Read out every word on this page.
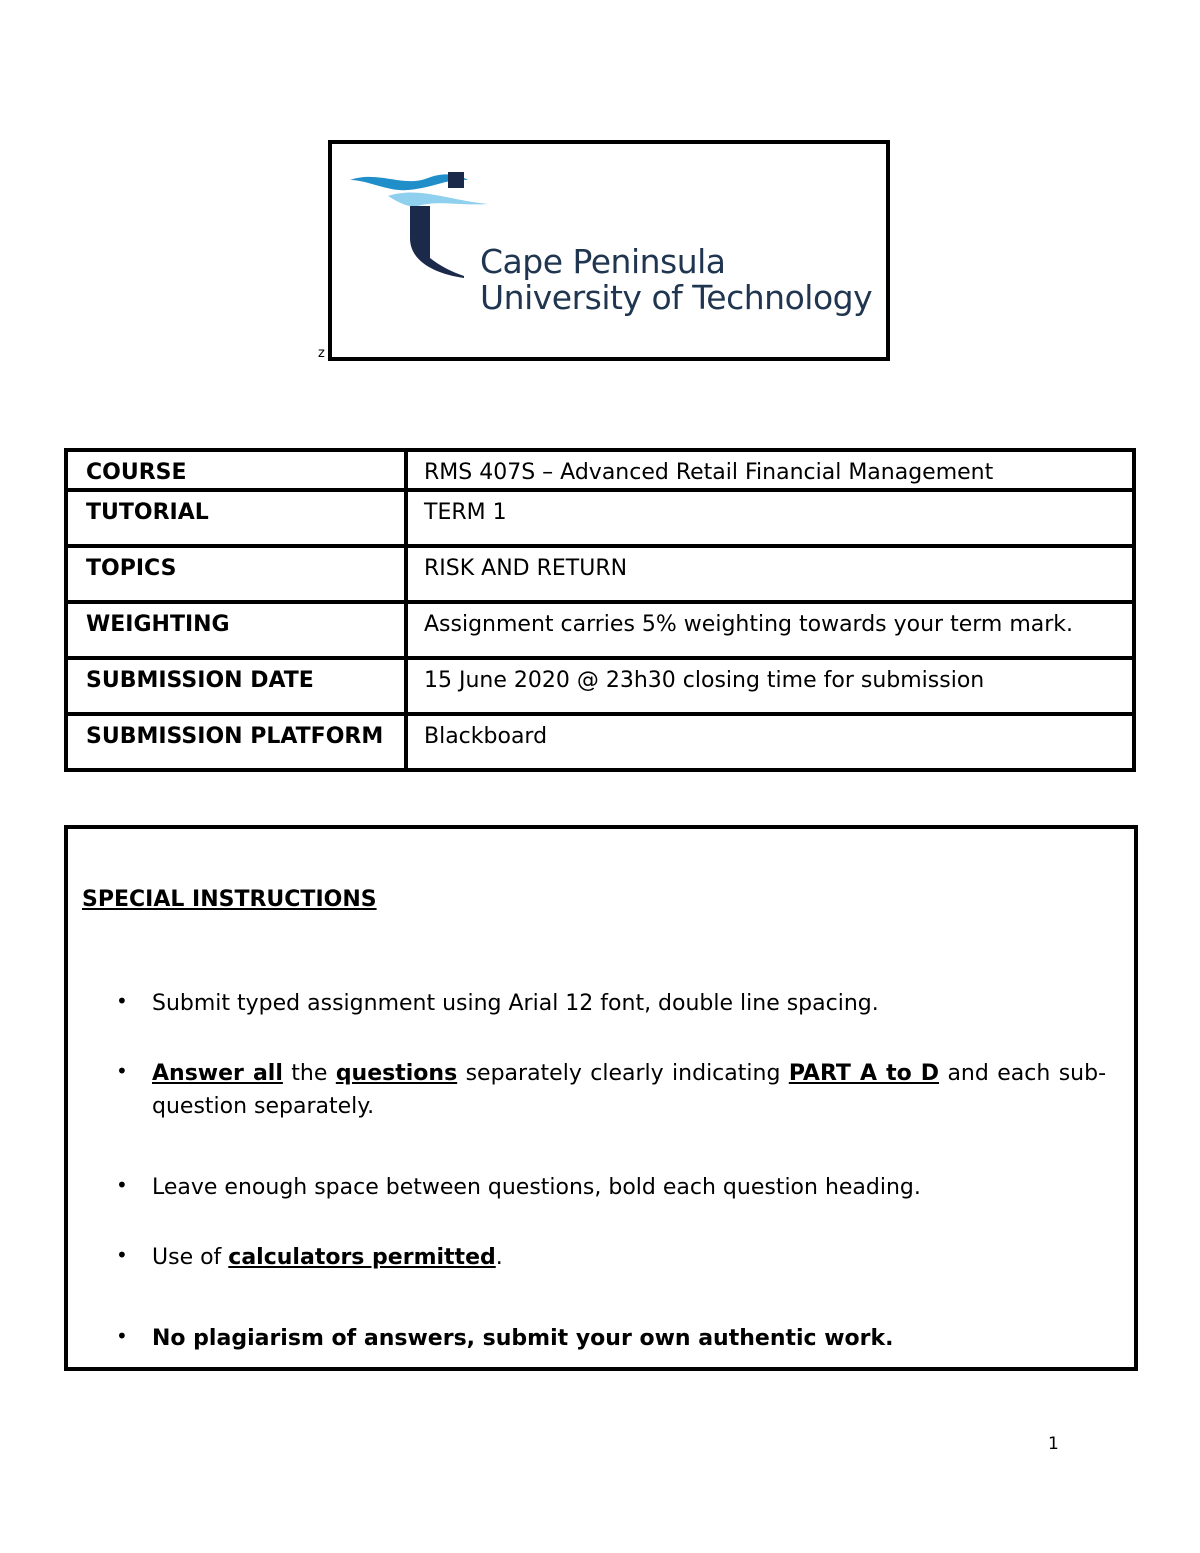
Cape Peninsula
University of Technology
z
COURSE	RMS 407S – Advanced Retail Financial Management
TUTORIAL	TERM 1
TOPICS	RISK AND RETURN
WEIGHTING	Assignment carries 5% weighting towards your term mark.
SUBMISSION DATE	15 June 2020 @ 23h30 closing time for submission
SUBMISSION PLATFORM	Blackboard
SPECIAL INSTRUCTIONS
• Submit typed assignment using Arial 12 font, double line spacing.
• Answer all the questions separately clearly indicating PART A to D and each sub-question separately.
• Leave enough space between questions, bold each question heading.
• Use of calculators permitted.
• No plagiarism of answers, submit your own authentic work.
1
